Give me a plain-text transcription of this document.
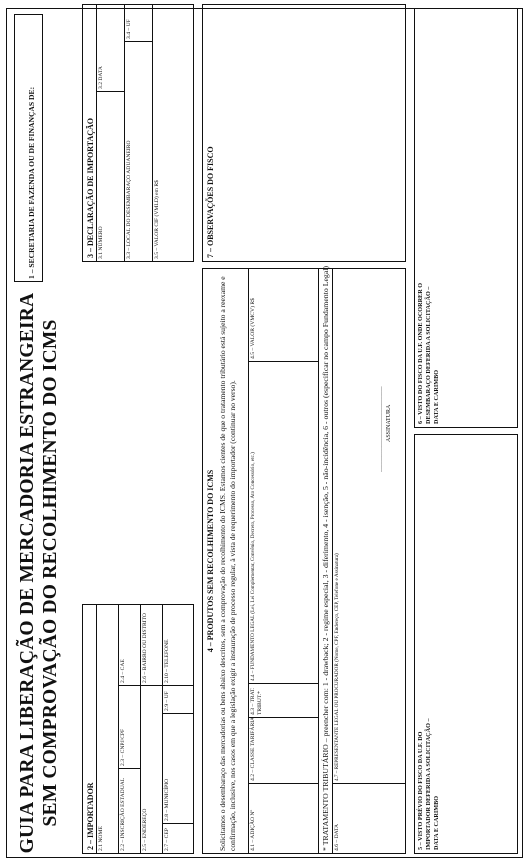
GUIA PARA LIBERAÇÃO DE MERCADORIA ESTRANGEIRA SEM COMPROVAÇÃO DO RECOLHIMENTO DO ICMS
1 – SECRETARIA DE FAZENDA OU DE FINANÇAS DE:
2 – IMPORTADOR 2.1 NOME	2.2 – INSCRIÇÃO ESTADUAL
2.3 – CNPJ/CPF
2.4 – CAE
2.5 – ENDEREÇO
2.6 – BAIRRO OU DISTRITO
2.7 – CEP
2.8 – MUNICÍPIO
2.9 – UF
2.10 – TELEFONE
3 – DECLARAÇÃO DE IMPORTAÇÃO 3.1 NÚMERO
3.2 DATA
3.3 – LOCAL DO DESEMBARAÇO ADUANEIRO
3.4 – UF
3.5 – VALOR CIF (VMLD) em R$
4 – PRODUTOS SEM RECOLHIMENTO DO ICMS Solicitamos o desembaraço das mercadorias ou bens abaixo descritos, sem a comprovação do recolhimento do ICMS. Estamos cientes de que o tratamento tributário está sujeito a reexame e confirmação, inclusive, nos casos em que a legislação exigir a instauração de processo regular, à vista de requerimento do importador (continuar no verso). 4.1 – ADIÇÃO Nº
4.2 – CLASSE TARIFÁRIA
4.3 – TRAT. TRIBUT.*
4.4 – FUNDAMENTO LEGAL (Lei, Lei Complementar, Convênio, Decreto, Processo, Ato Concessório, etc.)
4.5 – VALOR (VMCV) R$	* TRATAMENTO TRIBUTÁRIO – preencher com: 1 - drawback; 2 - regime especial, 3 - diferimento, 4 - isenção, 5 - não-incidência, 6 - outros (especificar no campo Fundamento Legal) 4.6 – DATA
4.7 – REPRESENTANTE LEGAL OU PROCURADOR (Nome, CPF, Endereço, CEP, Telefone e Assinatura)
_________________________________ ASSINATURA
5 – VISTO PRÉVIO DO FISCO DA U.F. DO IMPORTADOR DEFERIDA A SOLICITAÇÃO – DATA E CARIMBO
6 – VISTO DO FISCO DA U.F. ONDE OCORRER O DESEMBARAÇO DEFERIDA A SOLICITAÇÃO – DATA E CARIMBO
7 – OBSERVAÇÕES DO FISCO
